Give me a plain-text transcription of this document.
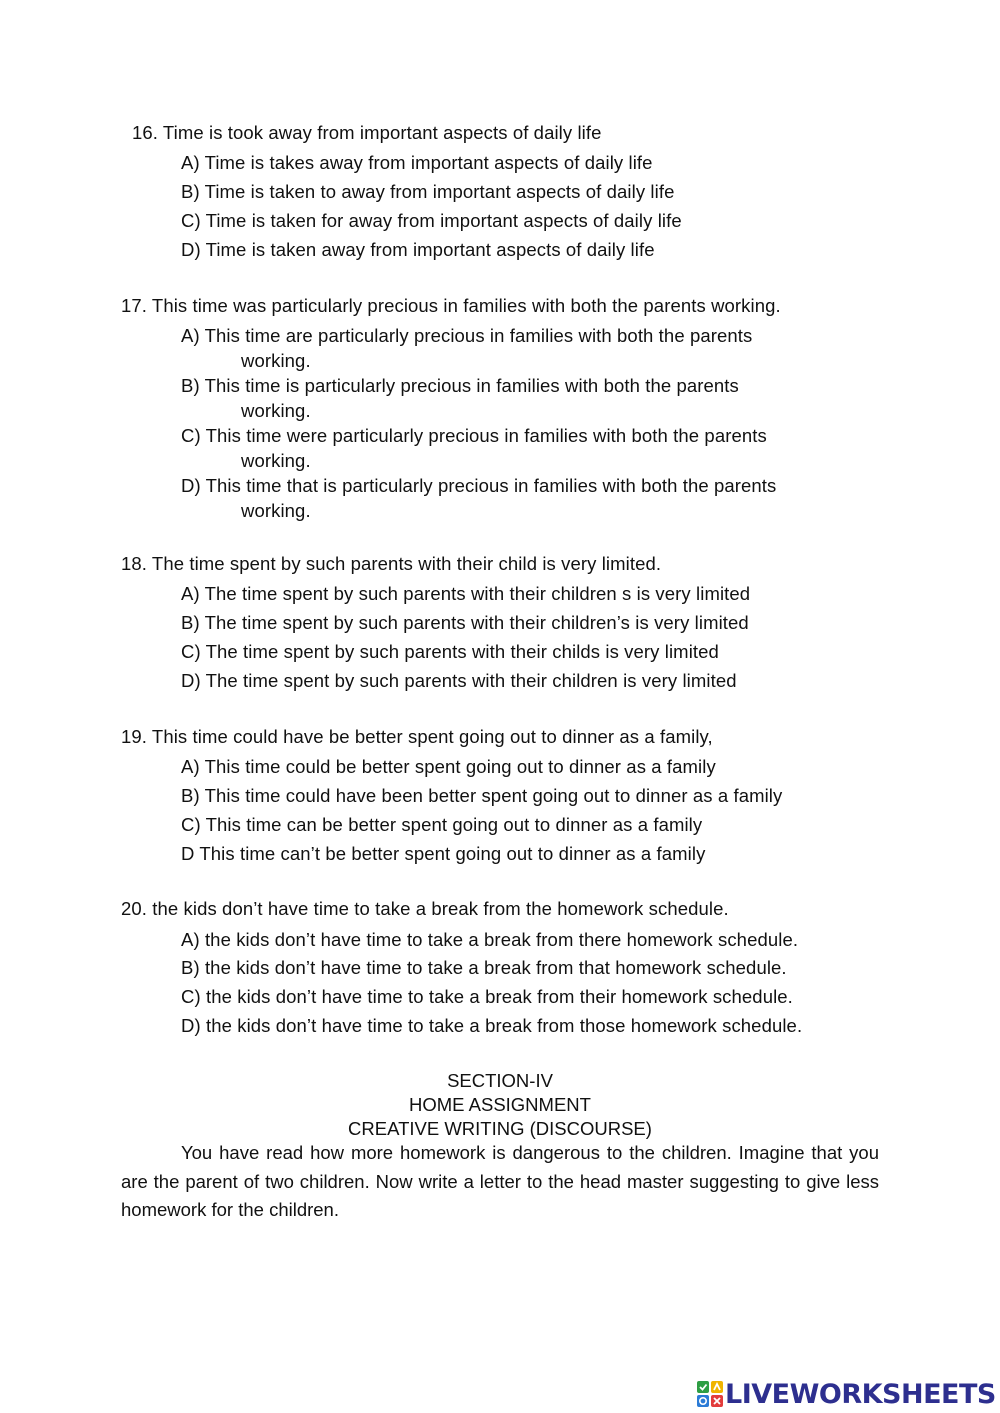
16. Time is took away from important aspects of daily life
A) Time is takes away from important aspects of daily life
B) Time is taken to away from important aspects of daily life
C) Time is taken for away from important aspects of daily life
D) Time is taken away from important aspects of daily life
17. This time was particularly precious in families with both the parents working.
A) This time are particularly precious in families with both the parents
working.
B) This time is particularly precious in families with both the parents
working.
C) This time were particularly precious in families with both the parents
working.
D) This time that is particularly precious in families with both the parents
working.
18. The time spent by such parents with their child is very limited.
A) The time spent by such parents with their children s is very limited
B) The time spent by such parents with their children’s is very limited
C) The time spent by such parents with their childs is very limited
D) The time spent by such parents with their children is very limited
19. This time could have be better spent going out to dinner as a family,
A) This time could be better spent going out to dinner as a family
B) This time could have been better spent going out to dinner as a family
C) This time can be better spent going out to dinner as a family
D This time can’t be better spent going out to dinner as a family
20. the kids don’t have time to take a break from the homework schedule.
A) the kids don’t have time to take a break from there homework schedule.
B) the kids don’t have time to take a break from that homework schedule.
C) the kids don’t have time to take a break from their homework schedule.
D) the kids don’t have time to take a break from those homework schedule.
SECTION-IV
HOME ASSIGNMENT
CREATIVE WRITING (DISCOURSE)
You have read how more homework is dangerous to the children. Imagine that you are the parent of two children. Now write a letter to the head master suggesting to give less homework for the children.
LIVEWORKSHEETS
